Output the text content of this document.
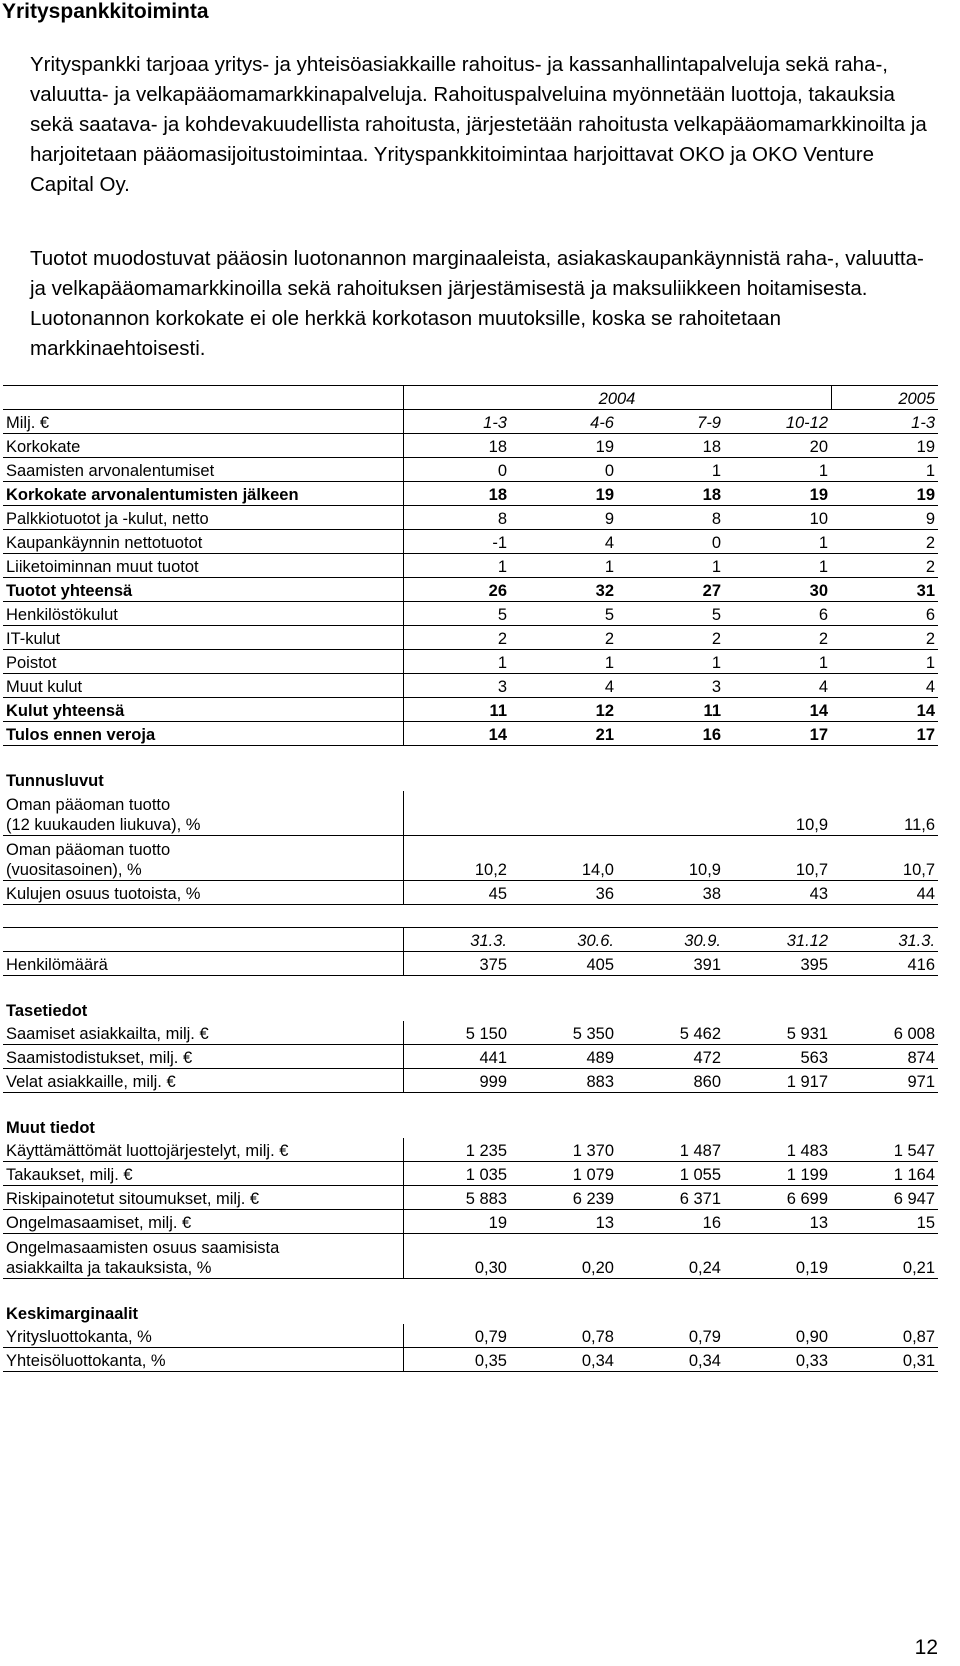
Yrityspankkitoiminta

Yrityspankki tarjoaa yritys- ja yhteisöasiakkaille rahoitus- ja kassanhallintapalveluja sekä raha-, valuutta- ja velkapääomamarkkinapalveluja. Rahoituspalveluina myönnetään luottoja, takauksia sekä saatava- ja kohdevakuudellista rahoitusta, järjestetään rahoitusta velkapääomamarkkinoilta ja harjoitetaan pääomasijoitustoimintaa. Yrityspankkitoimintaa harjoittavat OKO ja OKO Venture Capital Oy.

Tuotot muodostuvat pääosin luotonannon marginaaleista, asiakaskaupankäynnistä raha-, valuutta- ja velkapääomamarkkinoilla sekä rahoituksen järjestämisestä ja maksuliikkeen hoitamisesta. Luotonannon korkokate ei ole herkkä korkotason muutoksille, koska se rahoitetaan markkinaehtoisesti.

	2004				2005
Milj. €	1-3	4-6	7-9	10-12	1-3
Korkokate	18	19	18	20	19
Saamisten arvonalentumiset	0	0	1	1	1
Korkokate arvonalentumisten jälkeen	18	19	18	19	19
Palkkiotuotot ja -kulut, netto	8	9	8	10	9
Kaupankäynnin nettotuotot	-1	4	0	1	2
Liiketoiminnan muut tuotot	1	1	1	1	2
Tuotot yhteensä	26	32	27	30	31
Henkilöstökulut	5	5	5	6	6
IT-kulut	2	2	2	2	2
Poistot	1	1	1	1	1
Muut kulut	3	4	3	4	4
Kulut yhteensä	11	12	11	14	14
Tulos ennen veroja	14	21	16	17	17

Tunnusluvut					

Oman pääoman tuotto
(12 kuukauden liukuva), %				10,9	11,6

Oman pääoman tuotto
(vuositasoinen), %	10,2	14,0	10,9	10,7	10,7
Kulujen osuus tuotoista, %	45	36	38	43	44

	31.3.	30.6.	30.9.	31.12	31.3.
Henkilömäärä	375	405	391	395	416

Tasetiedot					
Saamiset asiakkailta, milj. €	5 150	5 350	5 462	5 931	6 008
Saamistodistukset, milj. €	441	489	472	563	874
Velat asiakkaille, milj. €	999	883	860	1 917	971

Muut tiedot					
Käyttämättömät luottojärjestelyt, milj. €	1 235	1 370	1 487	1 483	1 547
Takaukset, milj. €	1 035	1 079	1 055	1 199	1 164
Riskipainotetut sitoumukset, milj. €	5 883	6 239	6 371	6 699	6 947
Ongelmasaamiset, milj. €	19	13	16	13	15

Ongelmasaamisten osuus saamisista
asiakkailta ja takauksista, %	0,30	0,20	0,24	0,19	0,21

Keskimarginaalit					
Yritysluottokanta, %	0,79	0,78	0,79	0,90	0,87
Yhteisöluottokanta, %	0,35	0,34	0,34	0,33	0,31
12
